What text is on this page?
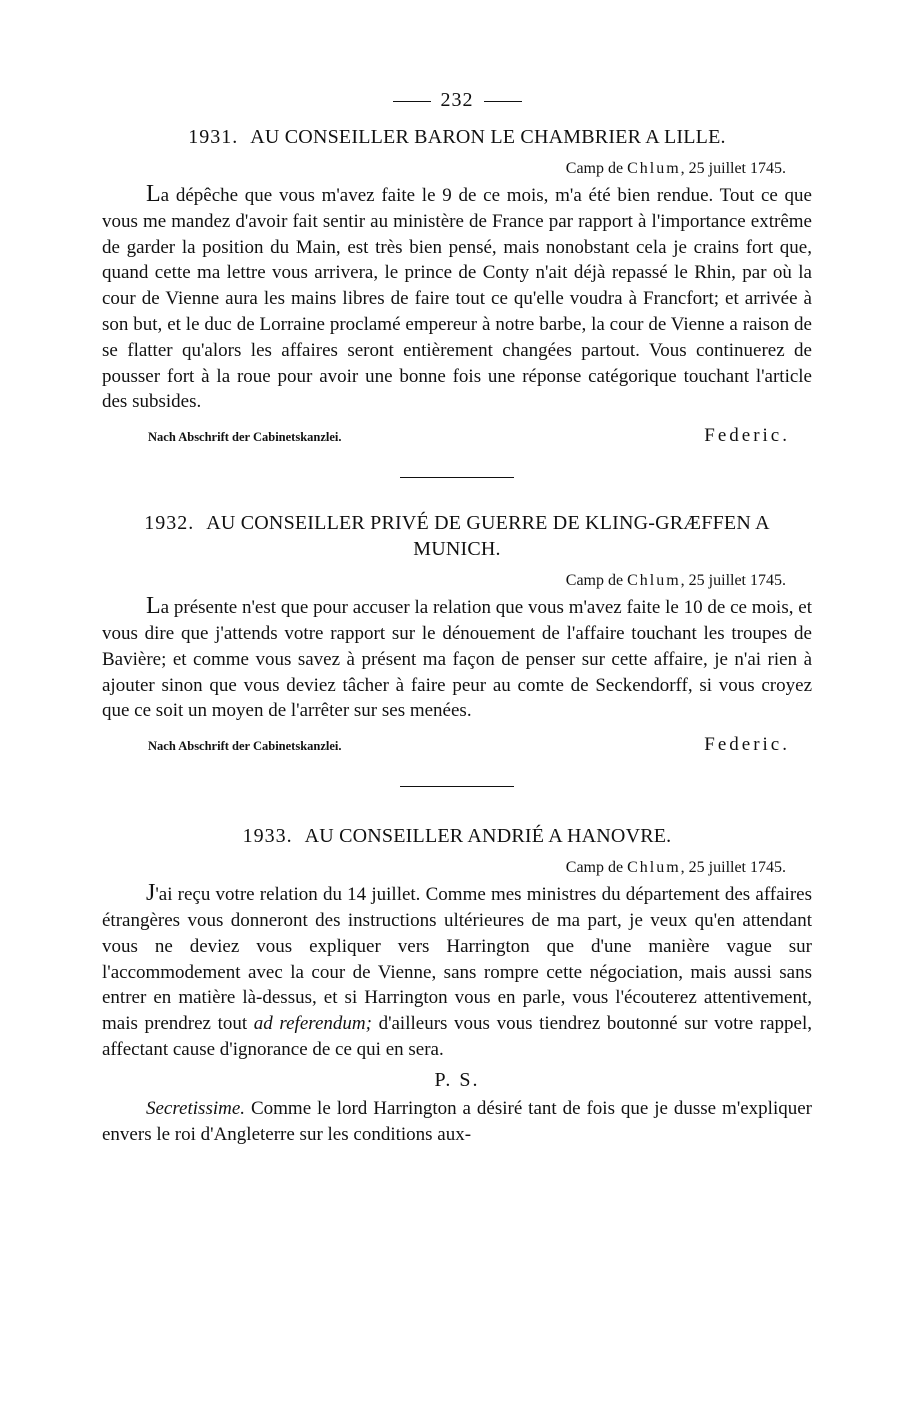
232
1931. AU CONSEILLER BARON LE CHAMBRIER A LILLE.
Camp de Chlum, 25 juillet 1745.
La dépêche que vous m'avez faite le 9 de ce mois, m'a été bien rendue. Tout ce que vous me mandez d'avoir fait sentir au ministère de France par rapport à l'importance extrême de garder la position du Main, est très bien pensé, mais nonobstant cela je crains fort que, quand cette ma lettre vous arrivera, le prince de Conty n'ait déjà repassé le Rhin, par où la cour de Vienne aura les mains libres de faire tout ce qu'elle voudra à Francfort; et arrivée à son but, et le duc de Lorraine proclamé empereur à notre barbe, la cour de Vienne a raison de se flatter qu'alors les affaires seront entièrement changées partout. Vous continuerez de pousser fort à la roue pour avoir une bonne fois une réponse catégorique touchant l'article des subsides.
Nach Abschrift der Cabinetskanzlei.	Federic.
1932. AU CONSEILLER PRIVÉ DE GUERRE DE KLING-GRÆFFEN A MUNICH.
Camp de Chlum, 25 juillet 1745.
La présente n'est que pour accuser la relation que vous m'avez faite le 10 de ce mois, et vous dire que j'attends votre rapport sur le dénouement de l'affaire touchant les troupes de Bavière; et comme vous savez à présent ma façon de penser sur cette affaire, je n'ai rien à ajouter sinon que vous deviez tâcher à faire peur au comte de Seckendorff, si vous croyez que ce soit un moyen de l'arrêter sur ses menées.
Nach Abschrift der Cabinetskanzlei.	Federic.
1933. AU CONSEILLER ANDRIÉ A HANOVRE.
Camp de Chlum, 25 juillet 1745.
J'ai reçu votre relation du 14 juillet. Comme mes ministres du département des affaires étrangères vous donneront des instructions ultérieures de ma part, je veux qu'en attendant vous ne deviez vous expliquer vers Harrington que d'une manière vague sur l'accommodement avec la cour de Vienne, sans rompre cette négociation, mais aussi sans entrer en matière là-dessus, et si Harrington vous en parle, vous l'écouterez attentivement, mais prendrez tout ad referendum; d'ailleurs vous vous tiendrez boutonné sur votre rappel, affectant cause d'ignorance de ce qui en sera.
P. S.
Secretissime. Comme le lord Harrington a désiré tant de fois que je dusse m'expliquer envers le roi d'Angleterre sur les conditions aux-
